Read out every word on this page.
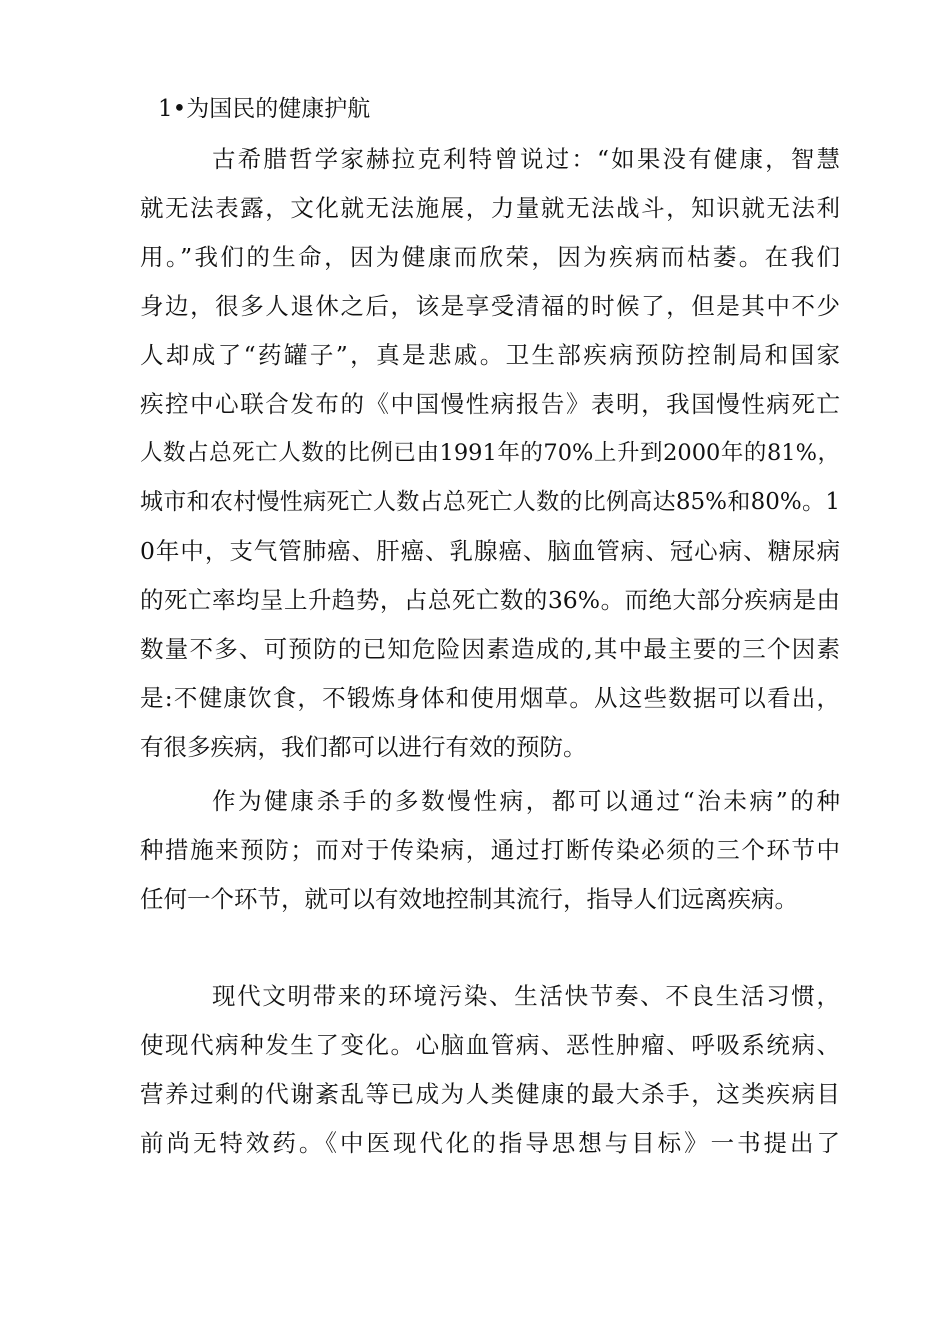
1•为国民的健康护航
古希腊哲学家赫拉克利特曾说过：“如果没有健康，智慧
就无法表露，文化就无法施展，力量就无法战斗，知识就无法利
用。”我们的生命，因为健康而欣荣，因为疾病而枯萎。在我们
身边，很多人退休之后，该是享受清福的时候了，但是其中不少
人却成了“药罐子”，真是悲戚。卫生部疾病预防控制局和国家
疾控中心联合发布的《中国慢性病报告》表明，我国慢性病死亡
人数占总死亡人数的比例已由1991年的70%上升到2000年的81%，
城市和农村慢性病死亡人数占总死亡人数的比例高达85%和80%。1
0年中，支气管肺癌、肝癌、乳腺癌、脑血管病、冠心病、糖尿病
的死亡率均呈上升趋势，占总死亡数的36%。而绝大部分疾病是由
数量不多、可预防的已知危险因素造成的,其中最主要的三个因素
是:不健康饮食，不锻炼身体和使用烟草。从这些数据可以看出，
有很多疾病，我们都可以进行有效的预防。
作为健康杀手的多数慢性病，都可以通过“治未病”的种
种措施来预防；而对于传染病，通过打断传染必须的三个环节中
任何一个环节，就可以有效地控制其流行，指导人们远离疾病。
现代文明带来的环境污染、生活快节奏、不良生活习惯，
使现代病种发生了变化。心脑血管病、恶性肿瘤、呼吸系统病、
营养过剩的代谢紊乱等已成为人类健康的最大杀手，这类疾病目
前尚无特效药。《中医现代化的指导思想与目标》一书提出了
